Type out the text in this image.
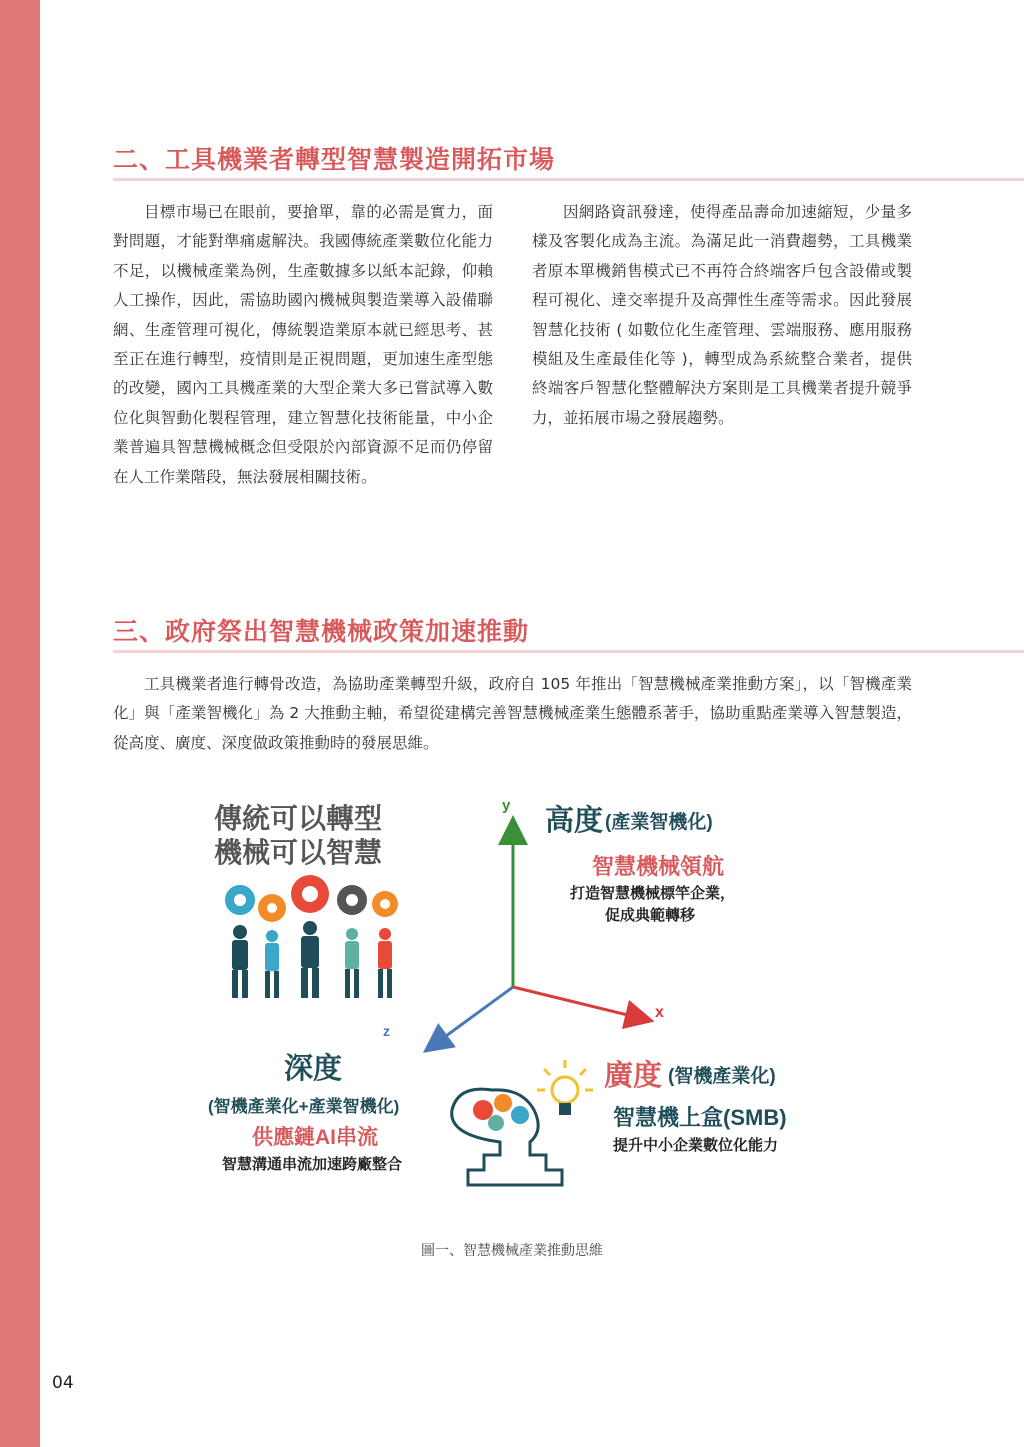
二、工具機業者轉型智慧製造開拓市場

目標市場已在眼前，要搶單，靠的必需是實力，面對問題，才能對準痛處解決。我國傳統產業數位化能力不足，以機械產業為例，生產數據多以紙本記錄，仰賴人工操作，因此，需協助國內機械與製造業導入設備聯網、生產管理可視化，傳統製造業原本就已經思考、甚至正在進行轉型，疫情則是正視問題，更加速生產型態的改變，國內工具機產業的大型企業大多已嘗試導入數位化與智動化製程管理，建立智慧化技術能量，中小企業普遍具智慧機械概念但受限於內部資源不足而仍停留在人工作業階段，無法發展相關技術。

因網路資訊發達，使得產品壽命加速縮短，少量多樣及客製化成為主流。為滿足此一消費趨勢，工具機業者原本單機銷售模式已不再符合終端客戶包含設備或製程可視化、達交率提升及高彈性生產等需求。因此發展智慧化技術 ( 如數位化生產管理、雲端服務、應用服務模組及生產最佳化等 )，轉型成為系統整合業者，提供終端客戶智慧化整體解決方案則是工具機業者提升競爭力，並拓展市場之發展趨勢。

三、政府祭出智慧機械政策加速推動

工具機業者進行轉骨改造，為協助產業轉型升級，政府自 105 年推出「智慧機械產業推動方案」，以「智機產業化」與「產業智機化」為 2 大推動主軸，希望從建構完善智慧機械產業生態體系著手，協助重點產業導入智慧製造，從高度、廣度、深度做政策推動時的發展思維。

傳統可以轉型
機械可以智慧
y
x
z
高度 (產業智機化)
智慧機械領航
打造智慧機械標竿企業，
促成典範轉移
深度
(智機產業化+產業智機化)
供應鏈AI串流
智慧溝通串流加速跨廠整合
廣度 (智機產業化)
智慧機上盒(SMB)
提升中小企業數位化能力
圖一、智慧機械產業推動思維
04
